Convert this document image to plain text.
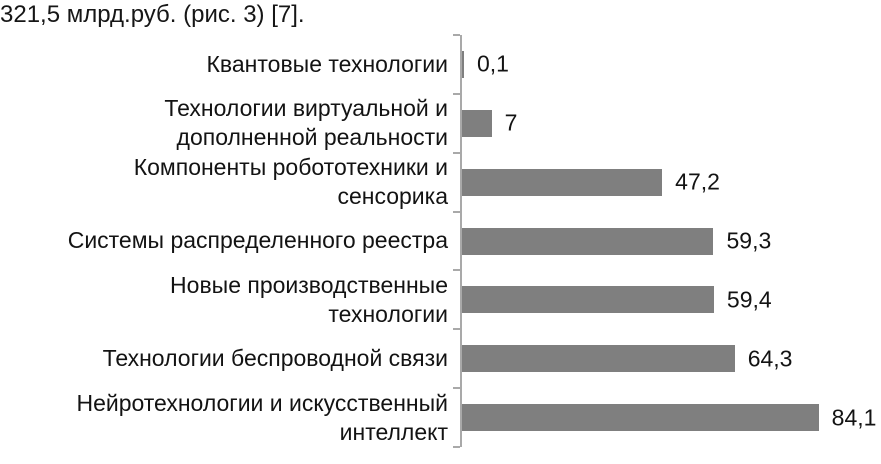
321,5 млрд.руб. (рис. 3) [7].
Квантовые технологии 0,1
Технологии виртуальной и
дополненной реальности
7
Компоненты робототехники и
сенсорика
47,2
Системы распределенного реестра	59,3
Новые производственные
технологии
59,4
Технологии беспроводной связи	64,3
Нейротехнологии и искусственный
интеллект
84,1
